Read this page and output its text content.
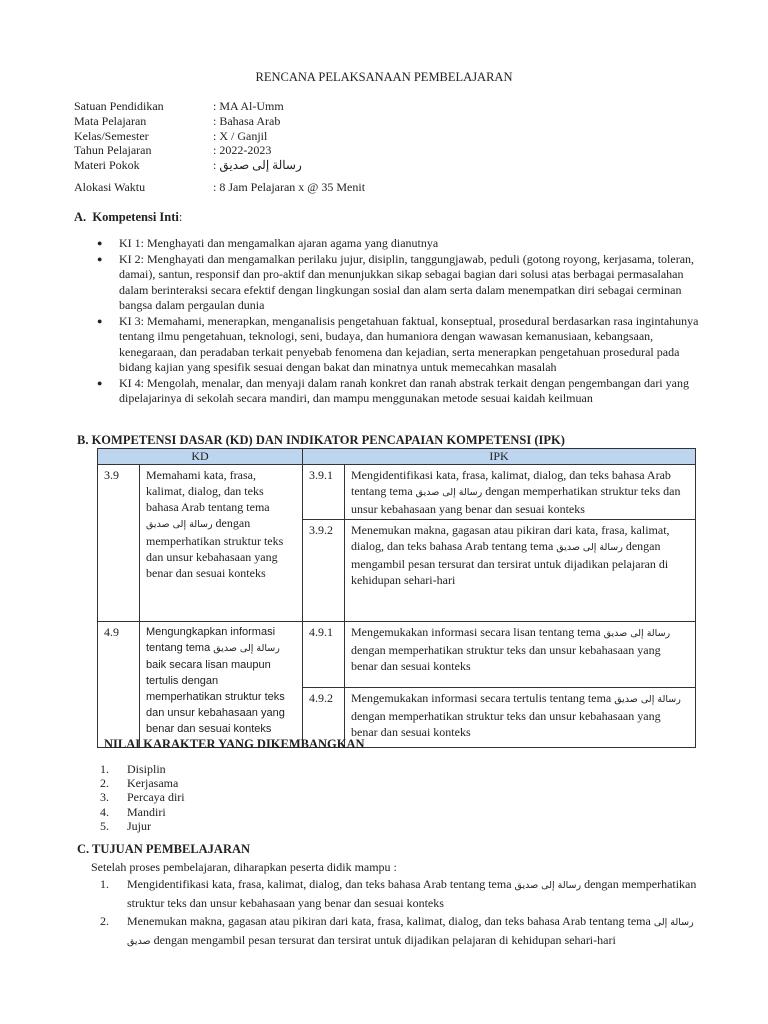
RENCANA PELAKSANAAN PEMBELAJARAN
Satuan Pendidikan	: MA Al-Umm
Mata Pelajaran	: Bahasa Arab
Kelas/Semester	: X / Ganjil
Tahun Pelajaran	: 2022-2023
Materi Pokok	: رسالة إلى صديق
Alokasi Waktu	: 8 Jam Pelajaran x @ 35 Menit
A. Kompetensi Inti:
● KI 1: Menghayati dan mengamalkan ajaran agama yang dianutnya
● KI 2: Menghayati dan mengamalkan perilaku jujur, disiplin, tanggungjawab, peduli (gotong royong, kerjasama, toleran, damai), santun, responsif dan pro-aktif dan menunjukkan sikap sebagai bagian dari solusi atas berbagai permasalahan dalam berinteraksi secara efektif dengan lingkungan sosial dan alam serta dalam menempatkan diri sebagai cerminan bangsa dalam pergaulan dunia
● KI 3: Memahami, menerapkan, menganalisis pengetahuan faktual, konseptual, prosedural berdasarkan rasa ingintahunya tentang ilmu pengetahuan, teknologi, seni, budaya, dan humaniora dengan wawasan kemanusiaan, kebangsaan, kenegaraan, dan peradaban terkait penyebab fenomena dan kejadian, serta menerapkan pengetahuan prosedural pada bidang kajian yang spesifik sesuai dengan bakat dan minatnya untuk memecahkan masalah
● KI 4: Mengolah, menalar, dan menyaji dalam ranah konkret dan ranah abstrak terkait dengan pengembangan dari yang dipelajarinya di sekolah secara mandiri, dan mampu menggunakan metode sesuai kaidah keilmuan
B. KOMPETENSI DASAR (KD) DAN INDIKATOR PENCAPAIAN KOMPETENSI (IPK)
KD		IPK	
3.9	Memahami kata, frasa, kalimat, dialog, dan teks bahasa Arab tentang tema رسالة إلى صديق dengan memperhatikan struktur teks dan unsur kebahasaan yang benar dan sesuai konteks	3.9.1	Mengidentifikasi kata, frasa, kalimat, dialog, dan teks bahasa Arab tentang tema رسالة إلى صديق dengan memperhatikan struktur teks dan unsur kebahasaan yang benar dan sesuai konteks
		3.9.2	Menemukan makna, gagasan atau pikiran dari kata, frasa, kalimat, dialog, dan teks bahasa Arab tentang tema رسالة إلى صديق dengan mengambil pesan tersurat dan tersirat untuk dijadikan pelajaran di kehidupan sehari-hari
4.9	Mengungkapkan informasi tentang tema رسالة إلى صديق baik secara lisan maupun tertulis dengan memperhatikan struktur teks dan unsur kebahasaan yang benar dan sesuai konteks	4.9.1	Mengemukakan informasi secara lisan tentang tema رسالة إلى صديق dengan memperhatikan struktur teks dan unsur kebahasaan yang benar dan sesuai konteks
		4.9.2	Mengemukakan informasi secara tertulis tentang tema رسالة إلى صديق dengan memperhatikan struktur teks dan unsur kebahasaan yang benar dan sesuai konteks
NILAI KARAKTER YANG DIKEMBANGKAN
1. Disiplin
2. Kerjasama
3. Percaya diri
4. Mandiri
5. Jujur
C. TUJUAN PEMBELAJARAN
Setelah proses pembelajaran, diharapkan peserta didik mampu :
1. Mengidentifikasi kata, frasa, kalimat, dialog, dan teks bahasa Arab tentang tema رسالة إلى صديق dengan memperhatikan struktur teks dan unsur kebahasaan yang benar dan sesuai konteks
2. Menemukan makna, gagasan atau pikiran dari kata, frasa, kalimat, dialog, dan teks bahasa Arab tentang tema رسالة إلى صديق dengan mengambil pesan tersurat dan tersirat untuk dijadikan pelajaran di kehidupan sehari-hari
